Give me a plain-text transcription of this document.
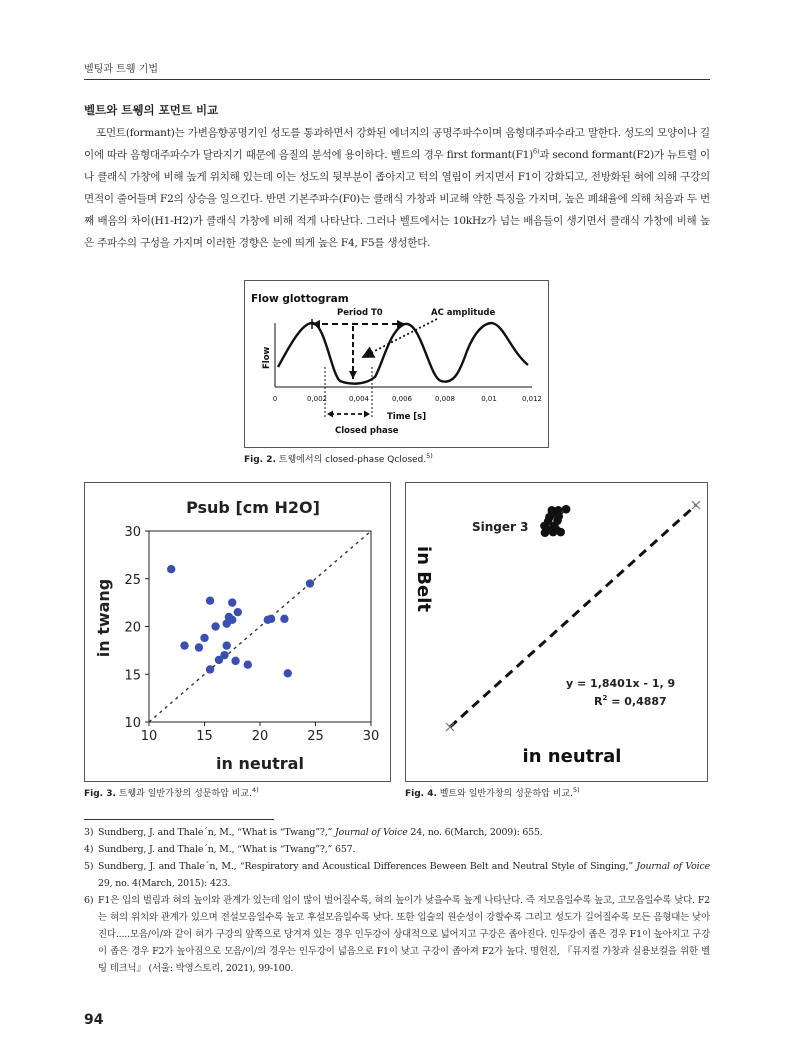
벨팅과 트웽 기법
벨트와 트웽의 포먼트 비교

포먼트(formant)는 가변음향공명기인 성도를 통과하면서 강화된 에너지의 공명주파수이며 음형대주파수라고 말한다. 성도의 모양이나 길이에 따라 음형대주파수가 달라지기 때문에 음질의 분석에 용이하다. 벨트의 경우 first $formant(F1)^{6)}$과 second formant(F2)가 뉴트럴 이나 클래식 가창에 비해 높게 위치해 있는데 이는 성도의 뒷부분이 좁아지고 턱의 열림이 커지면서 F1이 강화되고, 전방화된 혀에 의해 구강의 면적이 줄어들며 F2의 상승을 일으킨다. 반면 기본주파수(F0)는 클래식 가창과 비교해 약한 특징을 가지며, 높은 폐쇄율에 의해 처음과 두 번째 배음의 차이(H1-H2)가 클래식 가창에 비해 적게 나타난다. 그러나 벨트에서는 10kHz가 넘는 배음들이 생기면서 클래식 가창에 비해 높은 주파수의 구성을 가지며 이러한 경향은 눈에 띄게 높은 F4, F5를 생성한다.

Flow glottogram
Period T0	AC amplitude
Flow
0	0,002	0,004	0,006	0,008	0,01	0,012
Time [s]
Closed phase
Fig. 2. 트웽에서의 closed-phase Qclosed.$^{5)}$
Psub [cm H2O]
10	15	20	25	30
10
15
20
25
30
in neutral
in twang
Fig. 3. 트웽과 일반가창의 성문하압 비교.$^{4)}$
Singer 3
y = 1,8401x - 1, 9
$R^2 = 0,4887$
in neutral
in Belt
Fig. 4. 벨트와 일반가창의 성문하압 비교.$^{5)}$
3) Sundberg, J. and Thale´n, M., “What is “Twang”?,” Journal of Voice 24, no. 6(March, 2009): 655.
4) Sundberg, J. and Thale´n, M., “What is “Twang”?,” 657.
5) Sundberg, J. and Thale´n, M., “Respiratory and Acoustical Differences Beween Belt and Neutral Style of Singing,” Journal of Voice 29, no. 4(March, 2015): 423.
6) F1은 입의 벌림과 혀의 높이와 관계가 있는데 입이 많이 벌어질수록, 혀의 높이가 낮을수록 높게 나타난다. 즉 저모음일수록 높고, 고모음일수록 낮다. F2는 혀의 위치와 관계가 있으며 전설모음일수록 높고 후설모음일수록 낮다. 또한 입술의 원순성이 강할수록 그리고 성도가 길어질수록 모든 음형대는 낮아진다.....모음/이/와 같이 혀가 구강의 앞쪽으로 당겨져 있는 경우 인두강이 상대적으로 넓어지고 구강은 좁아진다. 인두강이 좁은 경우 F1이 높아지고 구강이 좁은 경우 F2가 높아짐으로 모음/이/의 경우는 인두강이 넓음으로 F1이 낮고 구강이 좁아져 F2가 높다. 명현진, 『뮤지컬 가창과 실용보컬을 위한 벨팅 테크닉』 (서울: 박영스토리, 2021), 99-100.
94
